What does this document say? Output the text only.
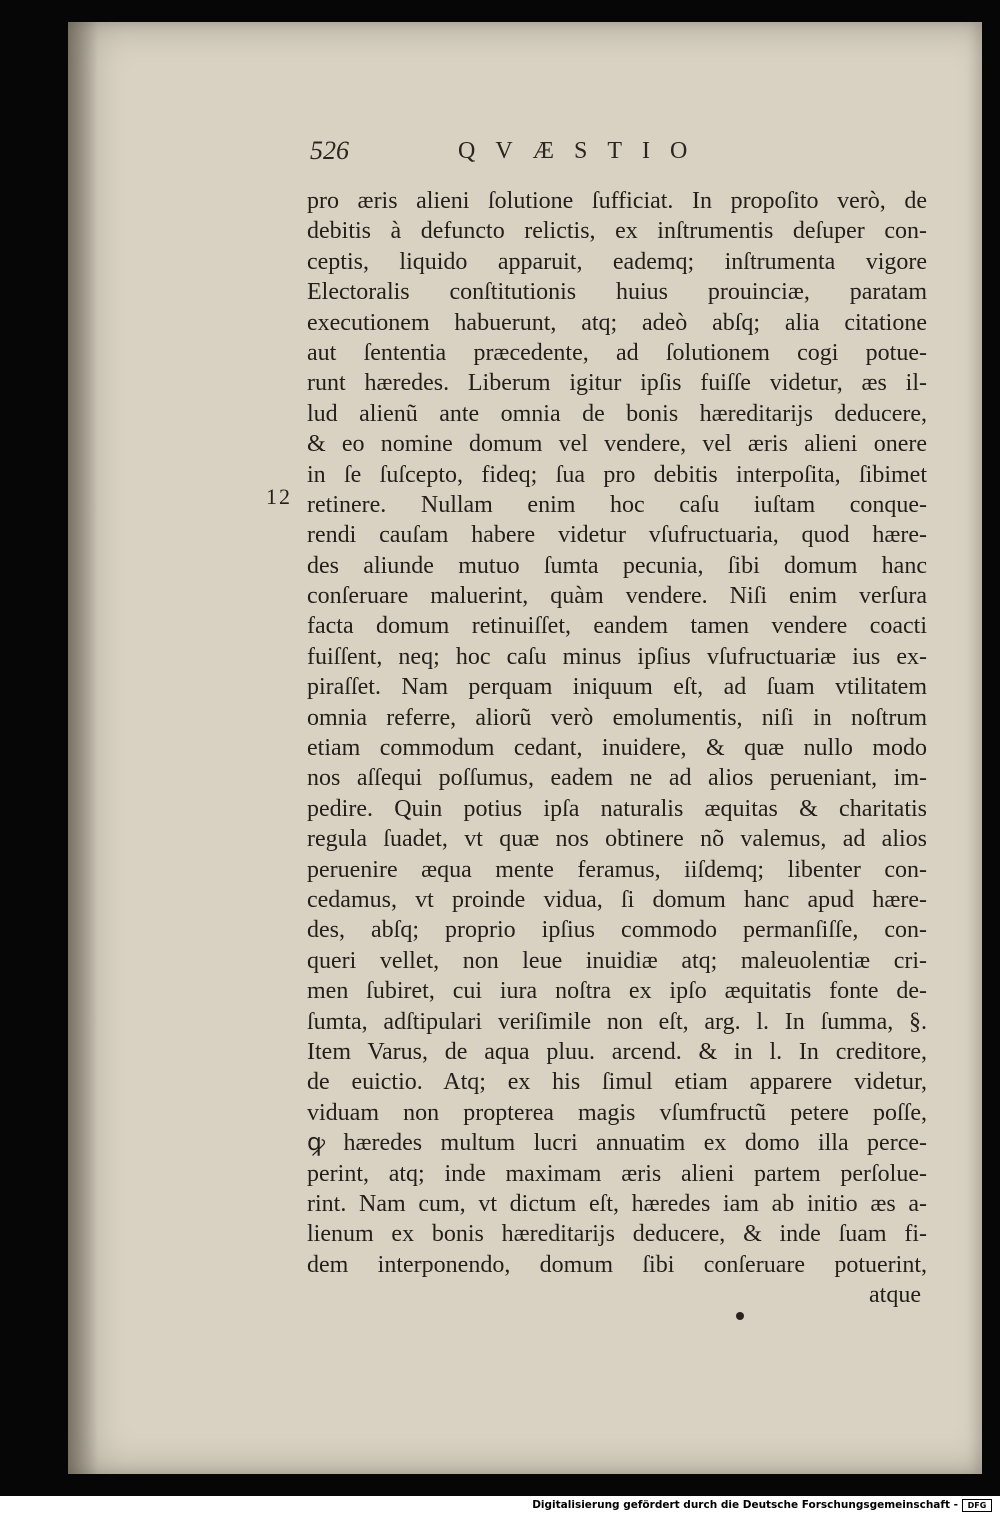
526	QVÆSTIO
12
pro æris alieni ſolutione ſufficiat. In propoſito verò, de
debitis à defuncto relictis, ex inſtrumentis deſuper con-
ceptis, liquido apparuit, eademq; inſtrumenta vigore
Electoralis conſtitutionis huius prouinciæ, paratam
executionem habuerunt, atq; adeò abſq; alia citatione
aut ſententia præcedente, ad ſolutionem cogi potue-
runt hæredes. Liberum igitur ipſis fuiſſe videtur, æs il-
lud alienũ ante omnia de bonis hæreditarijs deducere,
& eo nomine domum vel vendere, vel æris alieni onere
in ſe ſuſcepto, fideq; ſua pro debitis interpoſita, ſibimet
retinere. Nullam enim hoc caſu iuſtam conque-
rendi cauſam habere videtur vſufructuaria, quod hære-
des aliunde mutuo ſumta pecunia, ſibi domum hanc
conſeruare maluerint, quàm vendere. Niſi enim verſura
facta domum retinuiſſet, eandem tamen vendere coacti
fuiſſent, neq; hoc caſu minus ipſius vſufructuariæ ius ex-
piraſſet. Nam perquam iniquum eſt, ad ſuam vtilitatem
omnia referre, aliorũ verò emolumentis, niſi in noſtrum
etiam commodum cedant, inuidere, & quæ nullo modo
nos aſſequi poſſumus, eadem ne ad alios perueniant, im-
pedire. Quin potius ipſa naturalis æquitas & charitatis
regula ſuadet, vt quæ nos obtinere nõ valemus, ad alios
peruenire æqua mente feramus, iiſdemq; libenter con-
cedamus, vt proinde vidua, ſi domum hanc apud hære-
des, abſq; proprio ipſius commodo permanſiſſe, con-
queri vellet, non leue inuidiæ atq; maleuolentiæ cri-
men ſubiret, cui iura noſtra ex ipſo æquitatis fonte de-
ſumta, adſtipulari veriſimile non eſt, arg. l. In ſumma, §.
Item Varus, de aqua pluu. arcend. & in l. In creditore,
de euictio. Atq; ex his ſimul etiam apparere videtur,
viduam non propterea magis vſumfructũ petere poſſe,
ꝙ hæredes multum lucri annuatim ex domo illa perce-
perint, atq; inde maximam æris alieni partem perſolue-
rint. Nam cum, vt dictum eſt, hæredes iam ab initio æs a-
lienum ex bonis hæreditarijs deducere, & inde ſuam fi-
dem interponendo, domum ſibi conſeruare potuerint,
atque
Digitalisierung gefördert durch die Deutsche Forschungsgemeinschaft -	DFG
